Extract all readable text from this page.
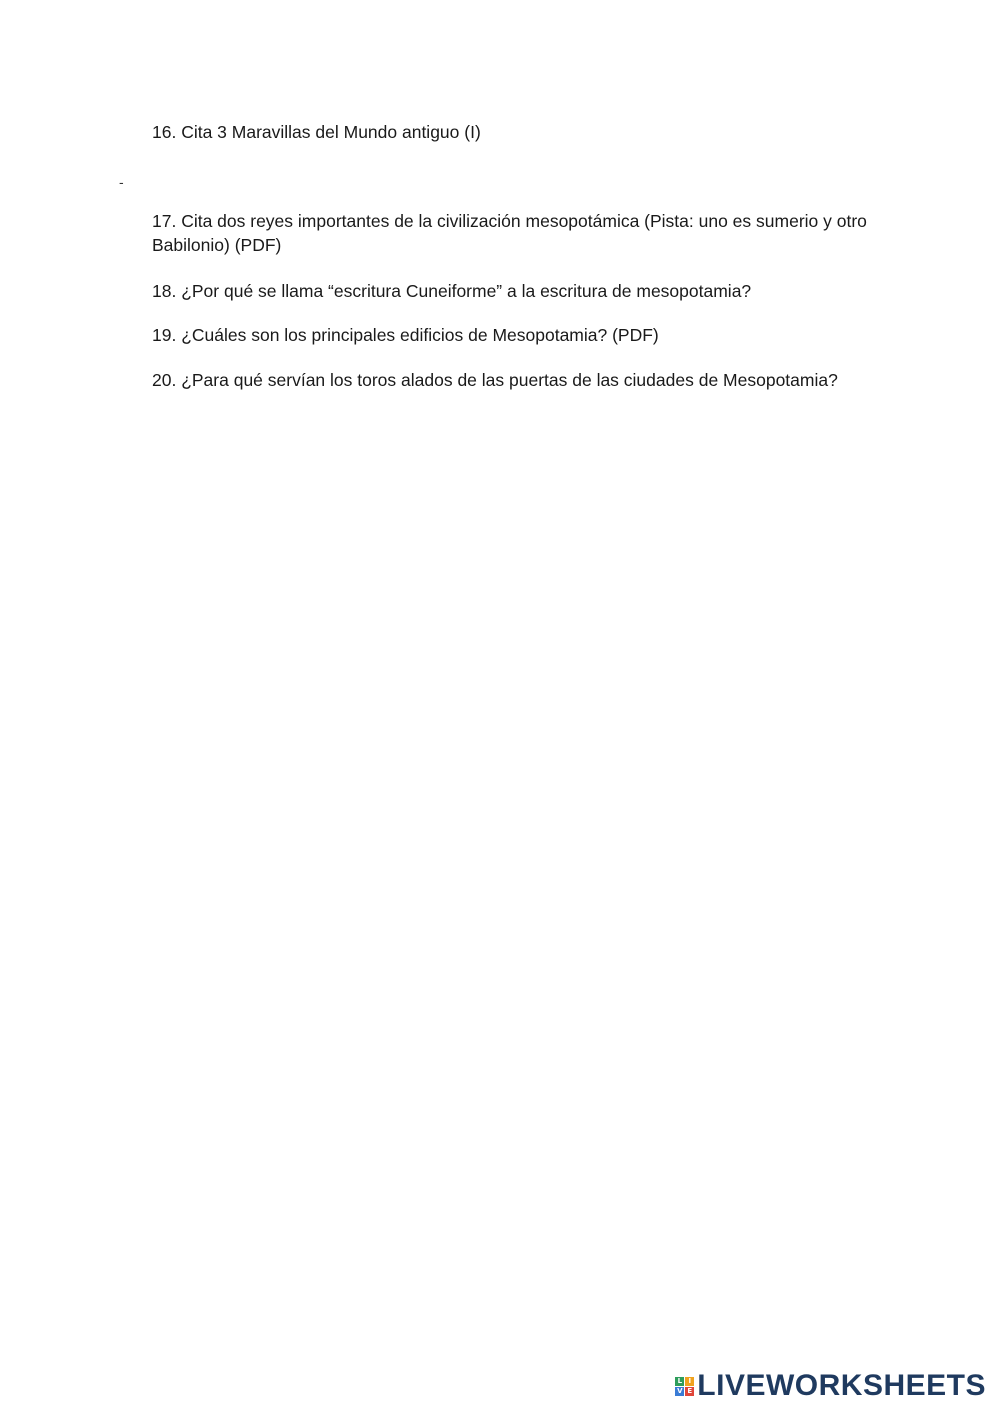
16. Cita 3 Maravillas del Mundo antiguo (I)

-

17. Cita dos reyes importantes de la civilización mesopotámica (Pista: uno es sumerio y otro Babilonio) (PDF)

18. ¿Por qué se llama “escritura Cuneiforme” a la escritura de mesopotamia?

19. ¿Cuáles son los principales edificios de Mesopotamia? (PDF)

20. ¿Para qué servían los toros alados de las puertas de las ciudades de Mesopotamia?

L I
V E LIVEWORKSHEETS
